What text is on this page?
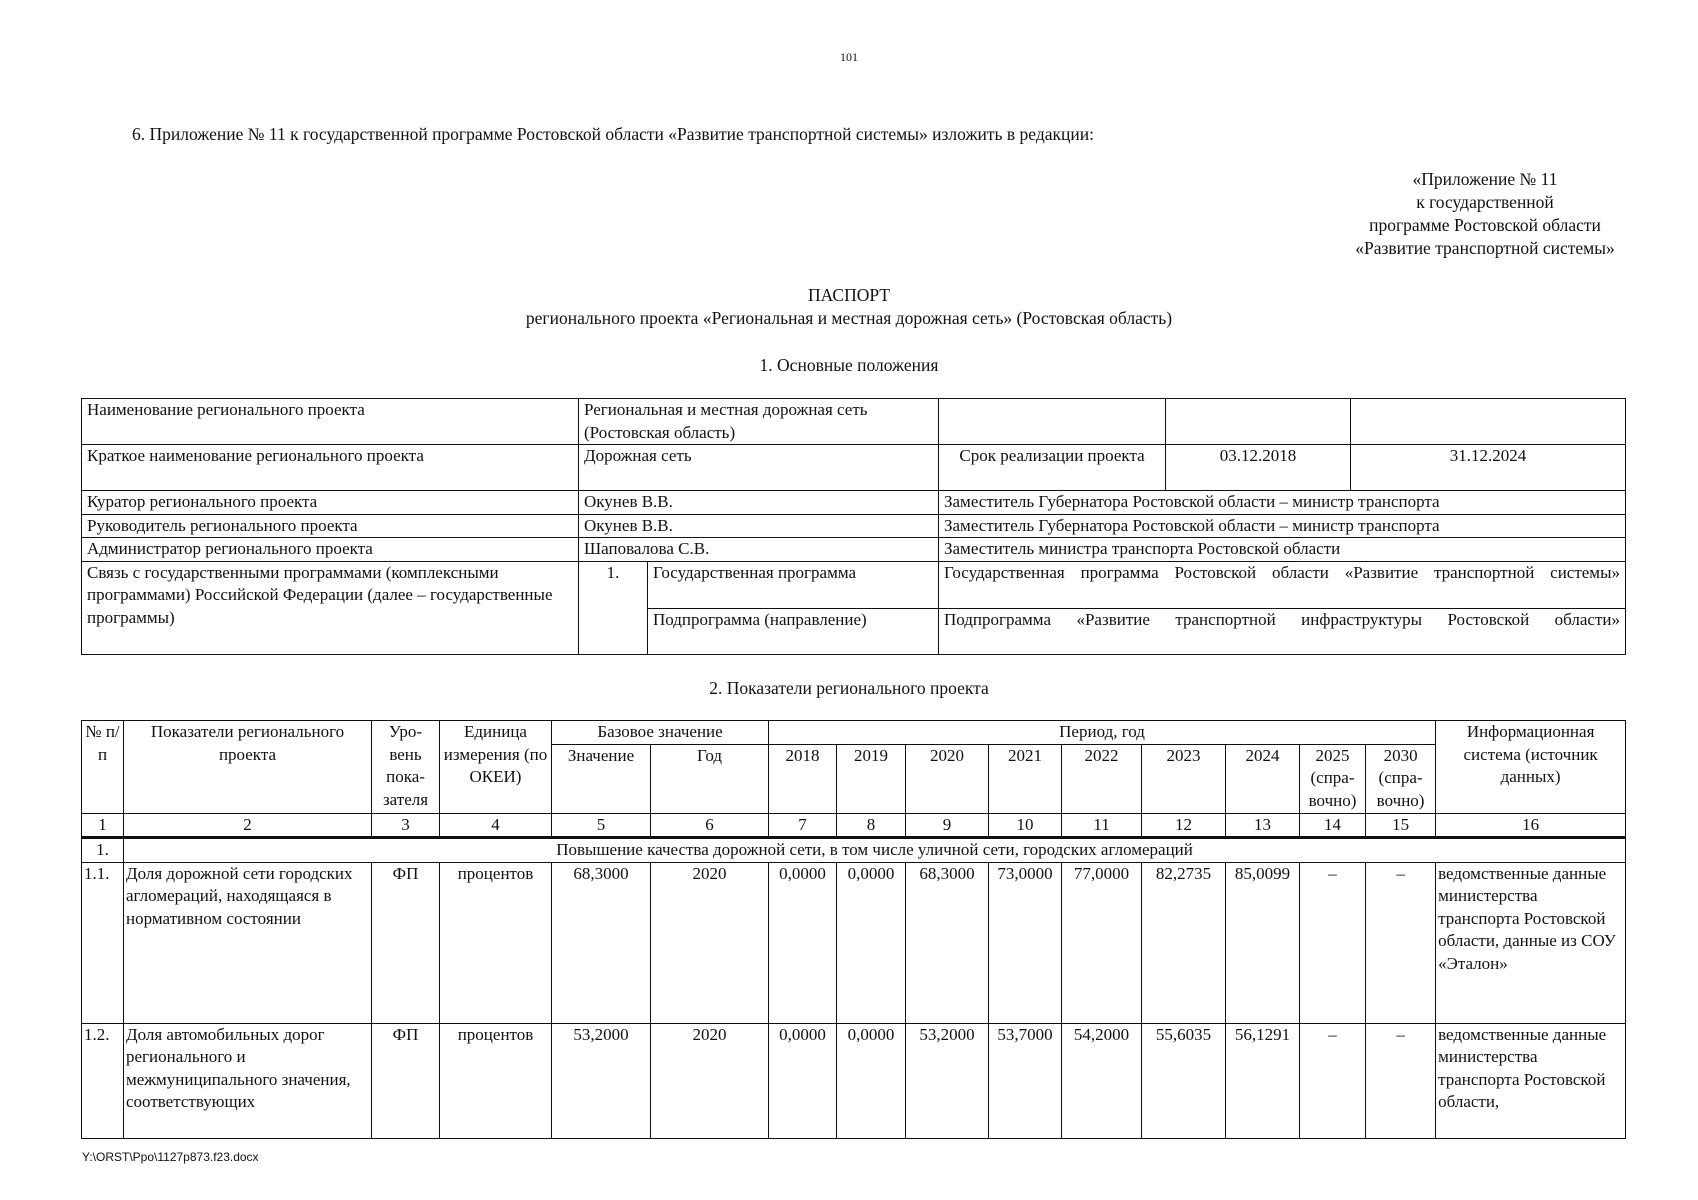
101
6. Приложение № 11 к государственной программе Ростовской области «Развитие транспортной системы» изложить в редакции:
«Приложение № 11
к государственной
программе Ростовской области
«Развитие транспортной системы»
ПАСПОРТ
регионального проекта «Региональная и местная дорожная сеть» (Ростовская область)
1. Основные положения
Наименование регионального проекта	Региональная и местная дорожная сеть (Ростовская область)				
Краткое наименование регионального проекта	Дорожная сеть		Срок реализации проекта	03.12.2018	31.12.2024
Куратор регионального проекта	Окунев В.В.		Заместитель Губернатора Ростовской области – министр транспорта		
Руководитель регионального проекта	Окунев В.В.		Заместитель Губернатора Ростовской области – министр транспорта		
Администратор регионального проекта	Шаповалова С.В.		Заместитель министра транспорта Ростовской области		
Связь с государственными программами (комплексными программами) Российской Федерации (далее – государственные программы)	1.	Государственная программа	Государственная программа Ростовской области «Развитие транспортной системы»		
		Подпрограмма (направление)	Подпрограмма «Развитие транспортной инфраструктуры Ростовской области»		
2. Показатели регионального проекта
№ п/п	Показатели регионального проекта	Уро-вень пока-зателя	Единица измерения (по ОКЕИ)	Базовое значение		Период, год									Информационная система (источник данных)
				Значение	Год	2018	2019	2020	2021	2022	2023	2024	2025 (спра-вочно)	2030 (спра-вочно)	
1	2	3	4	5	6	7	8	9	10	11	12	13	14	15	16
1.	Повышение качества дорожной сети, в том числе уличной сети, городских агломераций														
1.1.	Доля дорожной сети городских агломераций, находящаяся в нормативном состоянии	ФП	процентов	68,3000	2020	0,0000	0,0000	68,3000	73,0000	77,0000	82,2735	85,0099	–	–	ведомственные данные министерства транспорта Ростовской области, данные из СОУ «Эталон»
1.2.	Доля автомобильных дорог регионального и межмуниципального значения, соответствующих	ФП	процентов	53,2000	2020	0,0000	0,0000	53,2000	53,7000	54,2000	55,6035	56,1291	–	–	ведомственные данные министерства транспорта Ростовской области,
Y:\ORST\Ppo\1127p873.f23.docx
